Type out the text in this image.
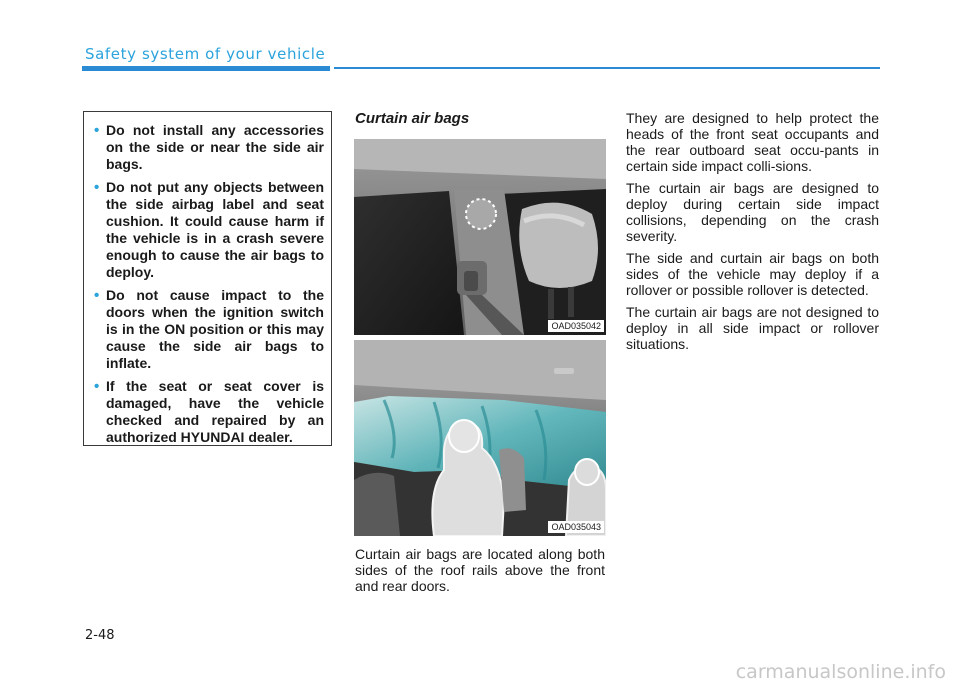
Safety system of your vehicle
• Do not install any accessories on the side or near the side air bags.
• Do not put any objects between the side airbag label and seat cushion. It could cause harm if the vehicle is in a crash severe enough to cause the air bags to deploy.
• Do not cause impact to the doors when the ignition switch is in the ON position or this may cause the side air bags to inflate.
• If the seat or seat cover is damaged, have the vehicle checked and repaired by an authorized HYUNDAI dealer.
Curtain air bags
OAD035042
OAD035043

Curtain air bags are located along both sides of the roof rails above the front and rear doors.

They are designed to help protect the heads of the front seat occupants and the rear outboard seat occu-pants in certain side impact colli-sions.

The curtain air bags are designed to deploy during certain side impact collisions, depending on the crash severity.

The side and curtain air bags on both sides of the vehicle may deploy if a rollover or possible rollover is detected.

The curtain air bags are not designed to deploy in all side impact or rollover situations.

2-48
carmanualsonline.info
